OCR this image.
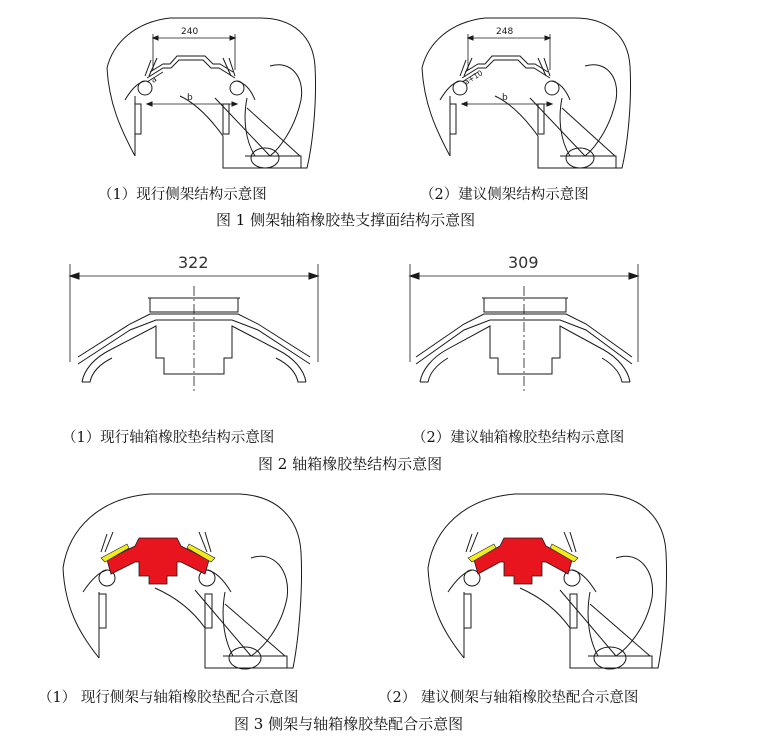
240
a
b
248
a+10
b
（1）现行侧架结构示意图	（2）建议侧架结构示意图
图 1 侧架轴箱橡胶垫支撑面结构示意图
322	309
（1）现行轴箱橡胶垫结构示意图	（2）建议轴箱橡胶垫结构示意图
图 2 轴箱橡胶垫结构示意图
（1） 现行侧架与轴箱橡胶垫配合示意图	（2） 建议侧架与轴箱橡胶垫配合示意图
图 3 侧架与轴箱橡胶垫配合示意图
